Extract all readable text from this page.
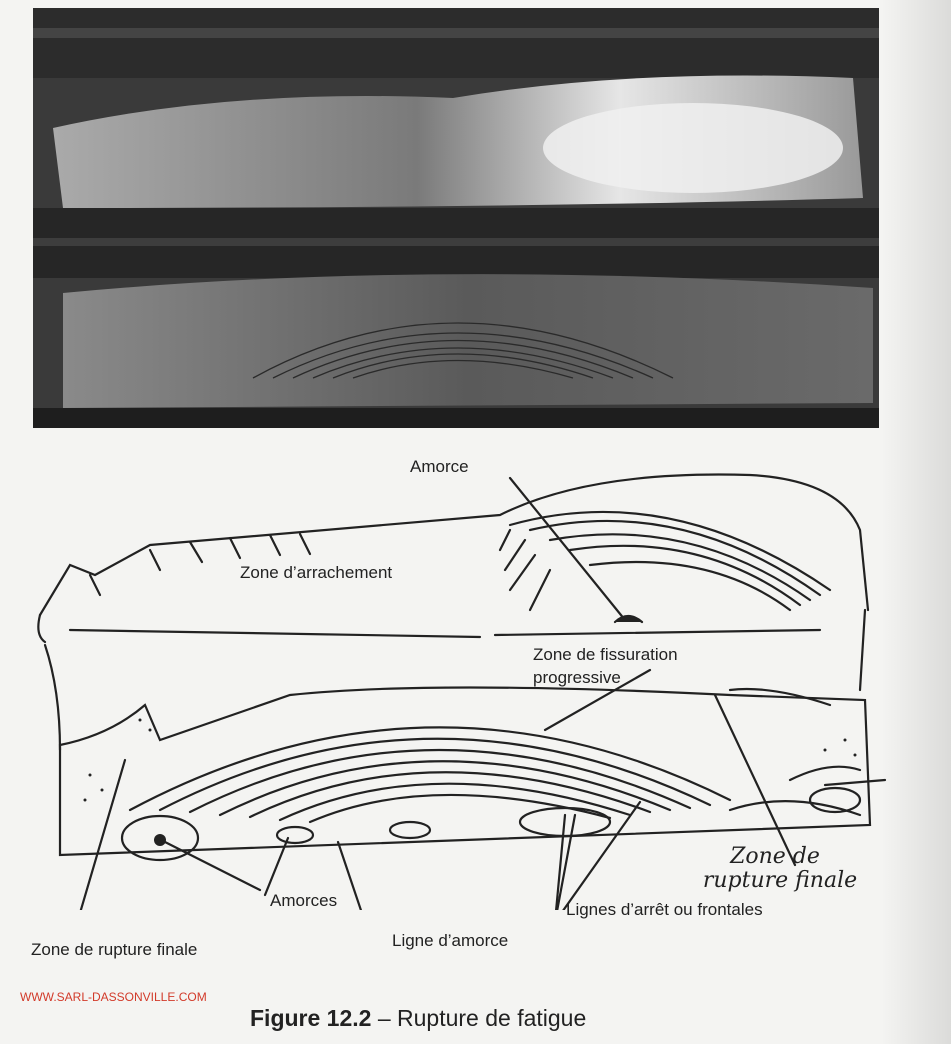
Amorce
Zone d’arrachement
Zone de fissuration
progressive
Zone de
rupture finale
Amorces	Lignes d’arrêt ou frontales
Zone de rupture finale	Ligne d’amorce
WWW.SARL-DASSONVILLE.COM
Figure 12.2 – Rupture de fatigue
